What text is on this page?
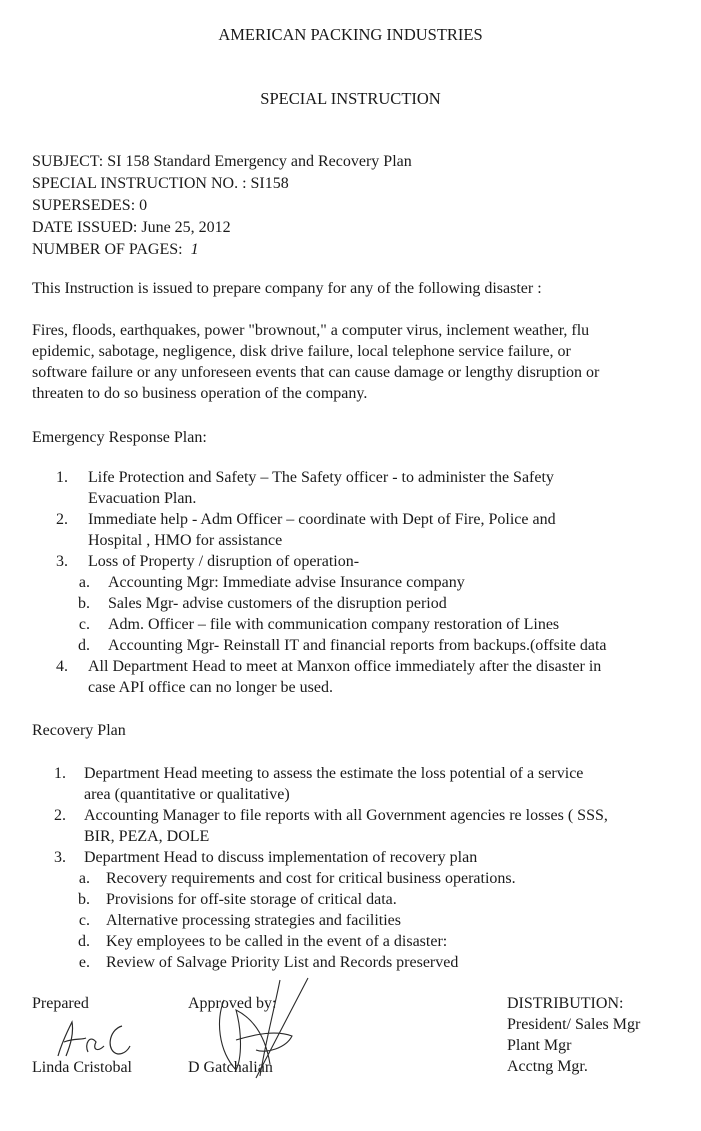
AMERICAN PACKING INDUSTRIES
SPECIAL INSTRUCTION
SUBJECT: SI 158 Standard Emergency and Recovery Plan
SPECIAL INSTRUCTION NO. : SI158
SUPERSEDES: 0
DATE ISSUED: June 25, 2012
NUMBER OF PAGES: 1
This Instruction is issued to prepare company for any of the following disaster :
Fires, floods, earthquakes, power "brownout," a computer virus, inclement weather, flu
epidemic, sabotage, negligence, disk drive failure, local telephone service failure, or
software failure or any unforeseen events that can cause damage or lengthy disruption or
threaten to do so business operation of the company.
Emergency Response Plan:
1. Life Protection and Safety – The Safety officer - to administer the Safety
Evacuation Plan.
2. Immediate help - Adm Officer – coordinate with Dept of Fire, Police and
Hospital , HMO for assistance
3. Loss of Property / disruption of operation-
a. Accounting Mgr: Immediate advise Insurance company
b. Sales Mgr- advise customers of the disruption period
c. Adm. Officer – file with communication company restoration of Lines
d. Accounting Mgr- Reinstall IT and financial reports from backups.(offsite data
4. All Department Head to meet at Manxon office immediately after the disaster in
case API office can no longer be used.
Recovery Plan
1. Department Head meeting to assess the estimate the loss potential of a service
area (quantitative or qualitative)
2. Accounting Manager to file reports with all Government agencies re losses ( SSS,
BIR, PEZA, DOLE
3. Department Head to discuss implementation of recovery plan
a. Recovery requirements and cost for critical business operations.
b. Provisions for off-site storage of critical data.
c. Alternative processing strategies and facilities
d. Key employees to be called in the event of a disaster:
e. Review of Salvage Priority List and Records preserved
Prepared
Linda Cristobal
Approved by:
D Gatchalian
DISTRIBUTION:
President/ Sales Mgr
Plant Mgr
Acctng Mgr.
